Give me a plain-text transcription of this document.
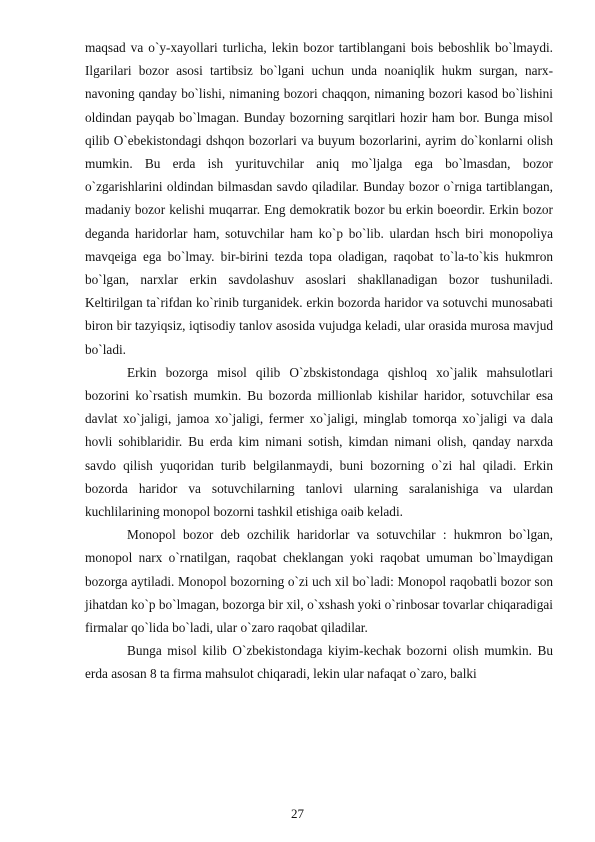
maqsad va o`y-xayollari turlicha, lekin bozor tartiblangani bois beboshlik bo`lmaydi. Ilgarilari bozor asosi tartibsiz bo`lgani uchun unda noaniqlik hukm surgan, narx-navoning qanday bo`lishi, nimaning bozori chaqqon, nimaning bozori kasod bo`lishini oldindan payqab bo`lmagan. Bunday bozorning sarqitlari hozir ham bor. Bunga misol qilib O`ebekistondagi dshqon bozorlari va buyum bozorlarini, ayrim do`konlarni olish mumkin. Bu erda ish yurituvchilar aniq mo`ljalga ega bo`lmasdan, bozor o`zgarishlarini oldindan bilmasdan savdo qiladilar. Bunday bozor o`rniga tartiblangan, madaniy bozor kelishi muqarrar. Eng demokratik bozor bu erkin boeordir. Erkin bozor deganda haridorlar ham, sotuvchilar ham ko`p bo`lib. ulardan hsch biri monopoliya mavqeiga ega bo`lmay. bir-birini tezda topa oladigan, raqobat to`la-to`kis hukmron bo`lgan, narxlar erkin savdolashuv asoslari shakllanadigan bozor tushuniladi. Keltirilgan ta`rifdan ko`rinib turganidek. erkin bozorda haridor va sotuvchi munosabati biron bir tazyiqsiz, iqtisodiy tanlov asosida vujudga keladi, ular orasida murosa mavjud bo`ladi.

Erkin bozorga misol qilib O`zbskistondaga qishloq xo`jalik mahsulotlari bozorini ko`rsatish mumkin. Bu bozorda millionlab kishilar haridor, sotuvchilar esa davlat xo`jaligi, jamoa xo`jaligi, fermer xo`jaligi, minglab tomorqa xo`jaligi va dala hovli sohiblaridir. Bu erda kim nimani sotish, kimdan nimani olish, qanday narxda savdo qilish yuqoridan turib belgilanmaydi, buni bozorning o`zi hal qiladi. Erkin bozorda haridor va sotuvchilarning tanlovi ularning saralanishiga va ulardan kuchlilarining monopol bozorni tashkil etishiga oaib keladi.

Monopol bozor deb ozchilik haridorlar va sotuvchilar : hukmron bo`lgan, monopol narx o`rnatilgan, raqobat cheklangan yoki raqobat umuman bo`lmaydigan bozorga aytiladi. Monopol bozorning o`zi uch xil bo`ladi: Monopol raqobatli bozor son jihatdan ko`p bo`lmagan, bozorga bir xil, o`xshash yoki o`rinbosar tovarlar chiqaradigai firmalar qo`lida bo`ladi, ular o`zaro raqobat qiladilar.

Bunga misol kilib O`zbekistondaga kiyim-kechak bozorni olish mumkin. Bu erda asosan 8 ta firma mahsulot chiqaradi, lekin ular nafaqat o`zaro, balki

27
